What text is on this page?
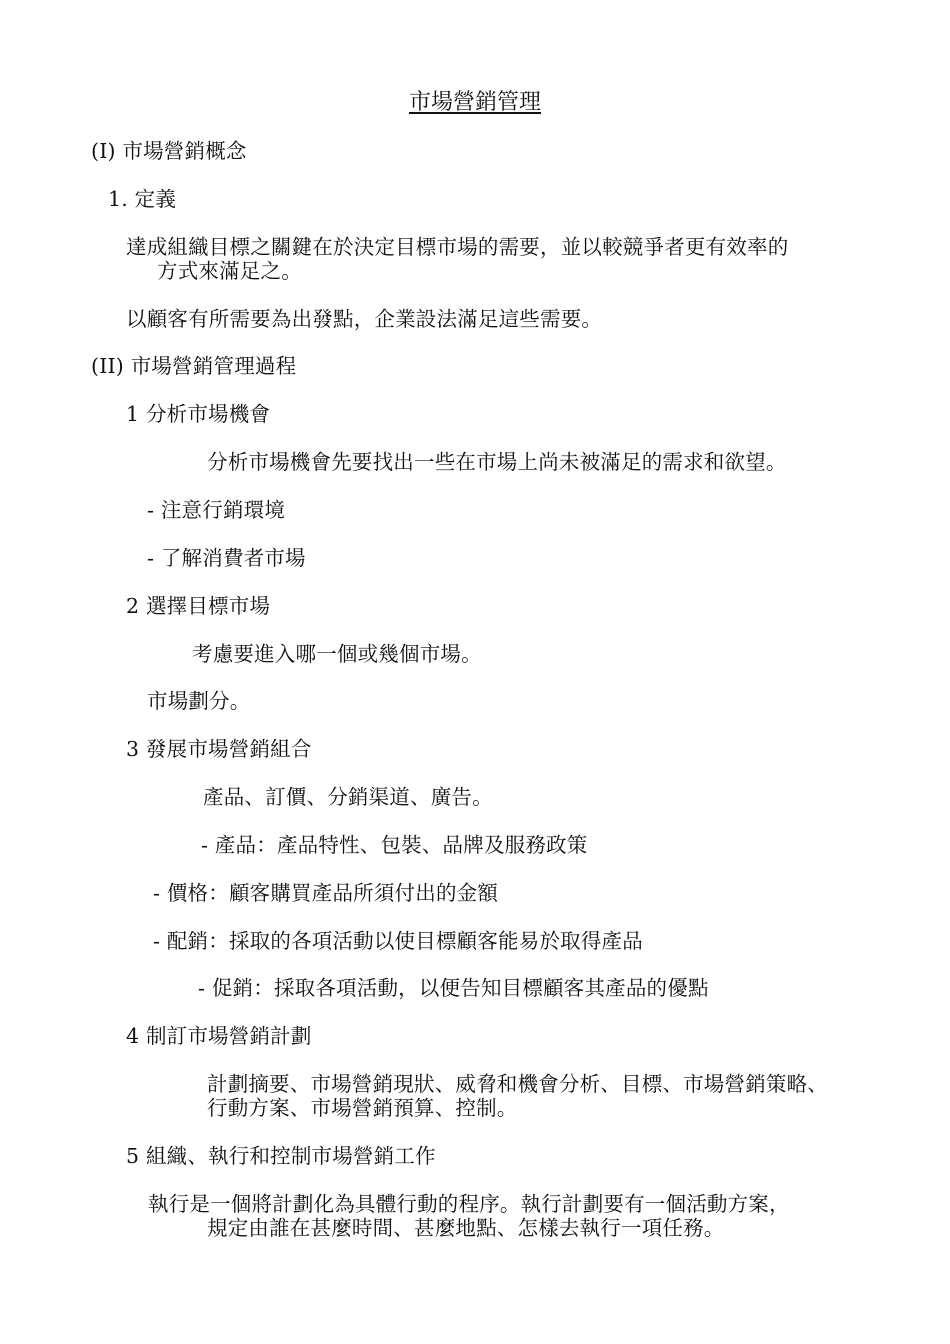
市場營銷管理

(I) 市場營銷概念

1. 定義

達成組織目標之關鍵在於決定目標市場的需要，並以較競爭者更有效率的

方式來滿足之。

以顧客有所需要為出發點，企業設法滿足這些需要。

(II) 市場營銷管理過程

1 分析市場機會

分析市場機會先要找出一些在市場上尚未被滿足的需求和欲望。

- 注意行銷環境

- 了解消費者市場

2 選擇目標市場

考慮要進入哪一個或幾個市場。

市場劃分。

3 發展市場營銷組合

產品、訂價、分銷渠道、廣告。

- 產品：產品特性、包裝、品牌及服務政策

- 價格：顧客購買產品所須付出的金額

- 配銷：採取的各項活動以使目標顧客能易於取得產品

- 促銷：採取各項活動，以便告知目標顧客其產品的優點

4 制訂市場營銷計劃

計劃摘要、市場營銷現狀、威脅和機會分析、目標、市場營銷策略、

行動方案、市場營銷預算、控制。

5 組織、執行和控制市場營銷工作

執行是一個將計劃化為具體行動的程序。執行計劃要有一個活動方案，

規定由誰在甚麼時間、甚麼地點、怎樣去執行一項任務。
